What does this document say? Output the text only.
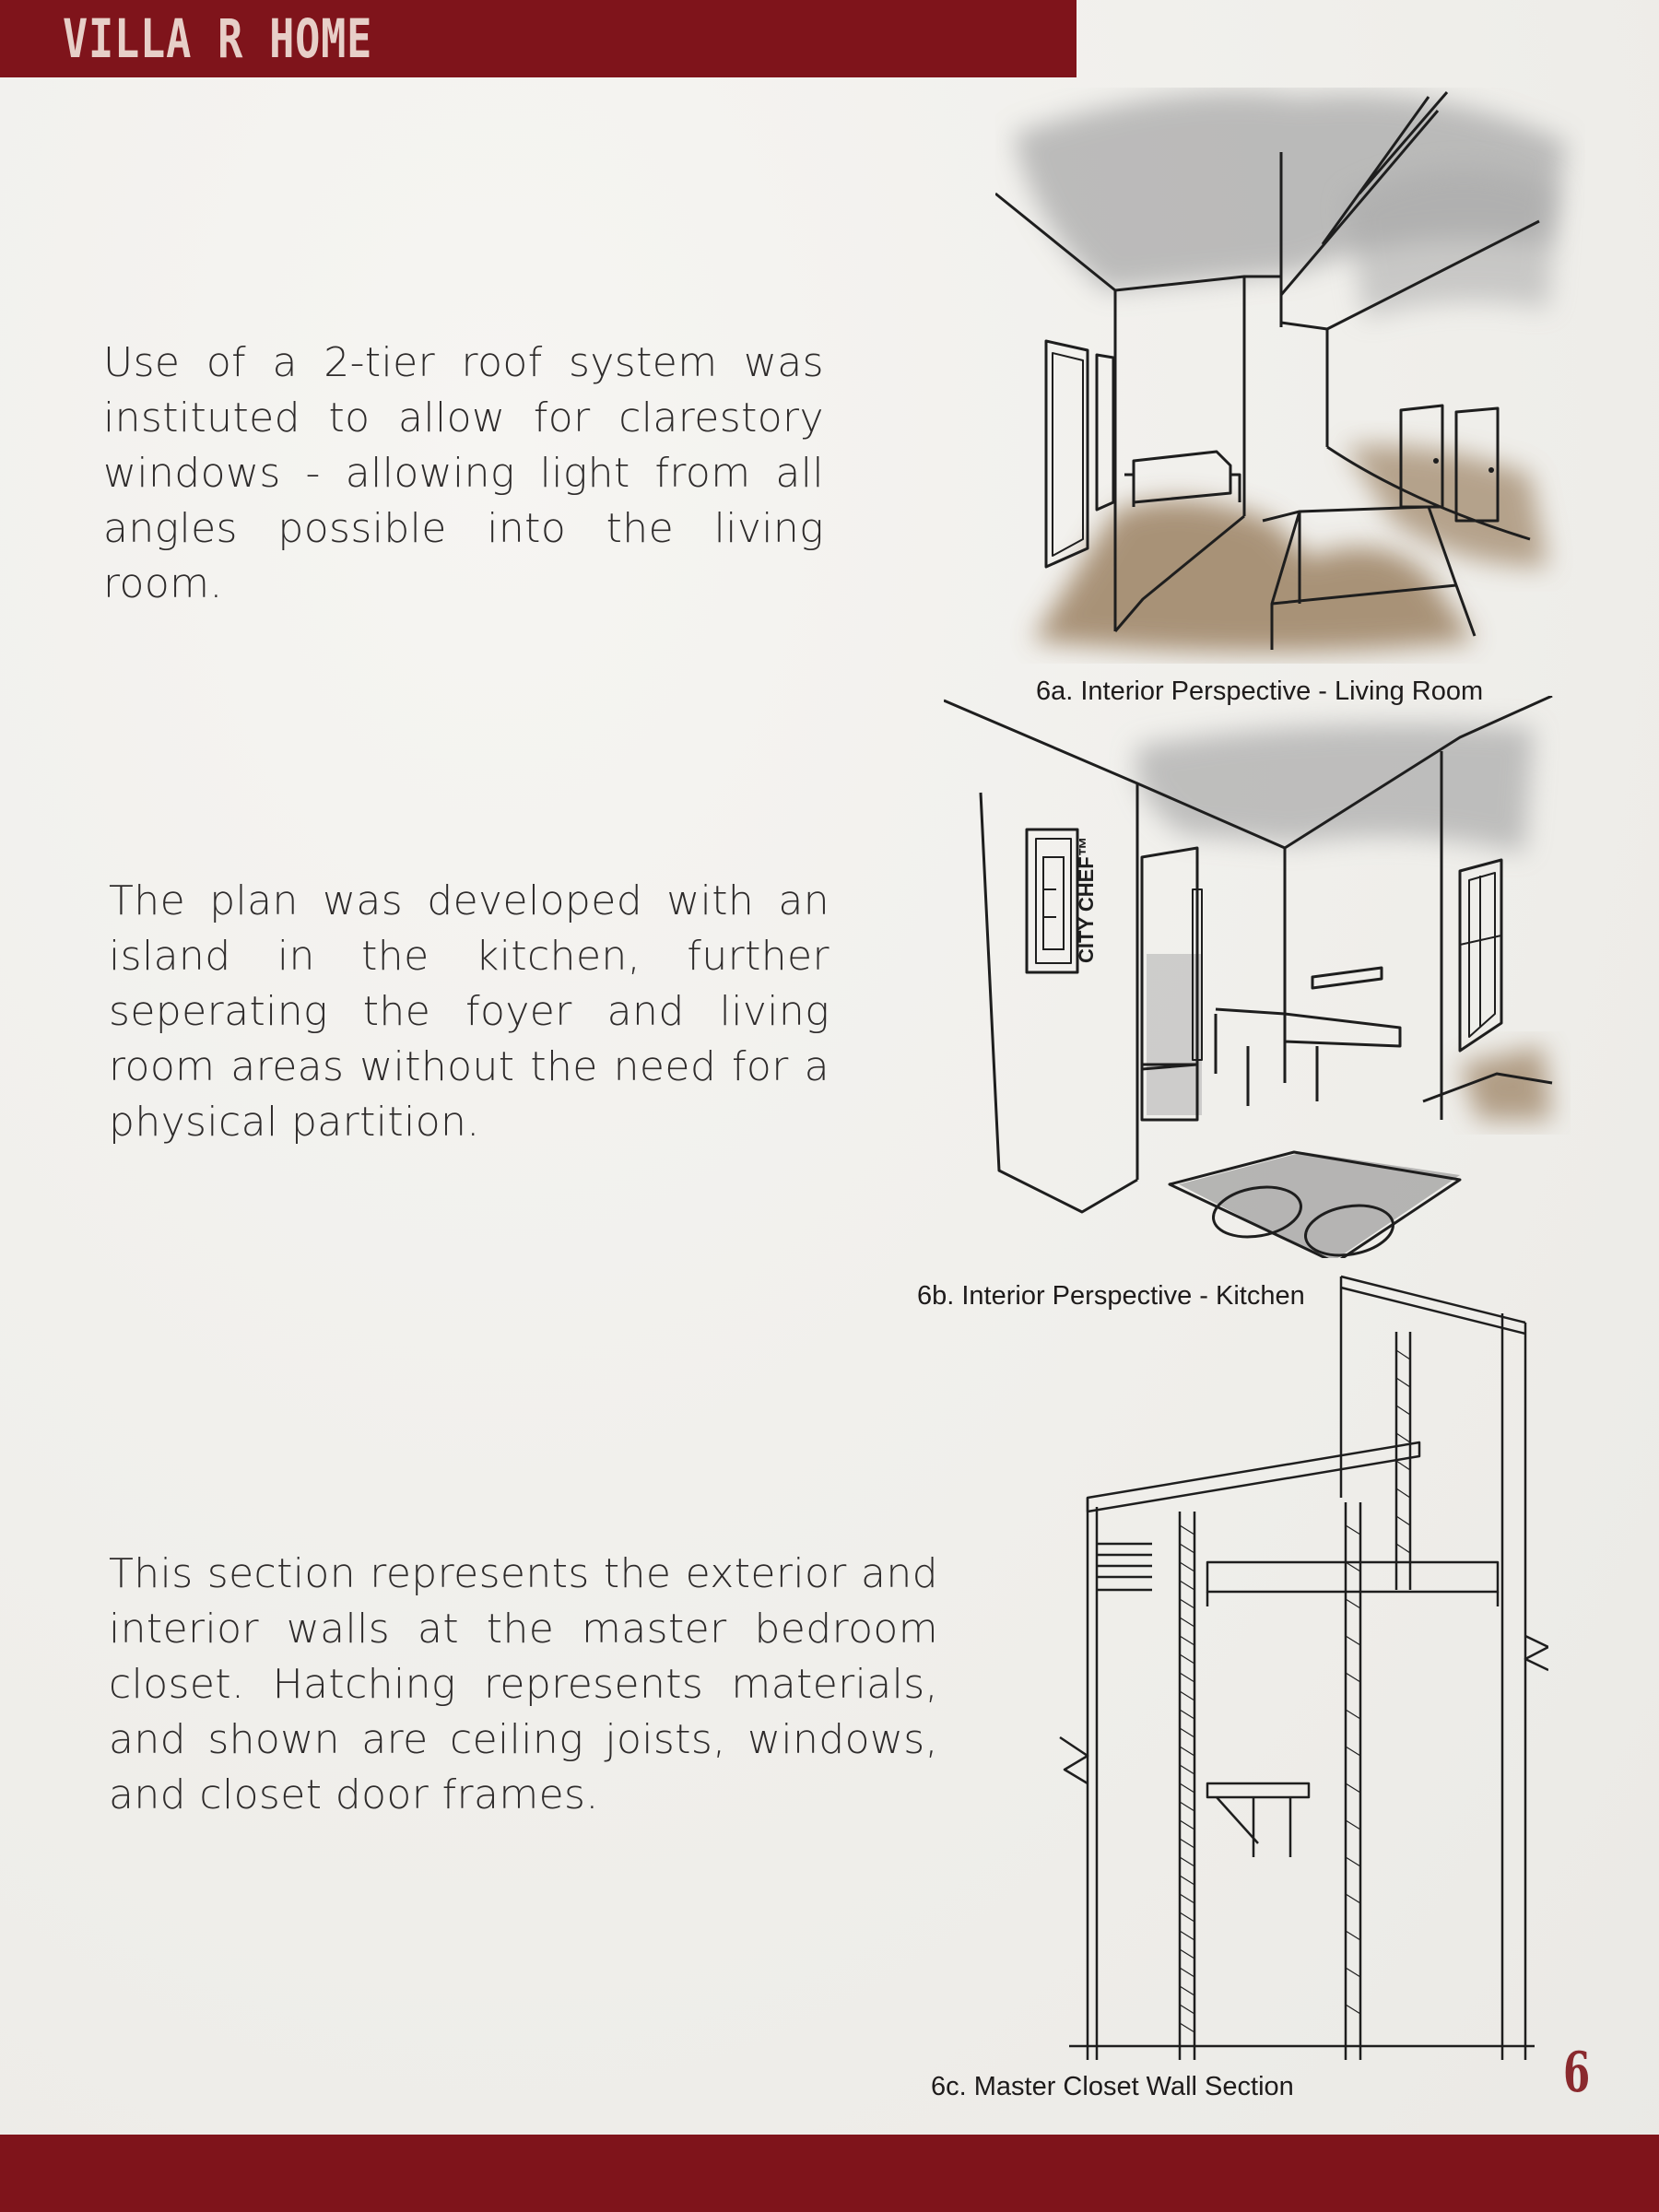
VILLA R HOME

Use of a 2-tier roof system was instituted to allow for clarestory windows - allowing light from all angles possible into the living room.

The plan was developed with an island in the kitchen, further seperating the foyer and living room areas without the need for a physical partition.

This section represents the exterior and interior walls at the master bedroom closet. Hatching represents materials, and shown are ceiling joists, windows, and closet door frames.

6a. Interior Perspective - Living Room

CITY CHEF™

6b. Interior Perspective - Kitchen

6c. Master Closet Wall Section	6
